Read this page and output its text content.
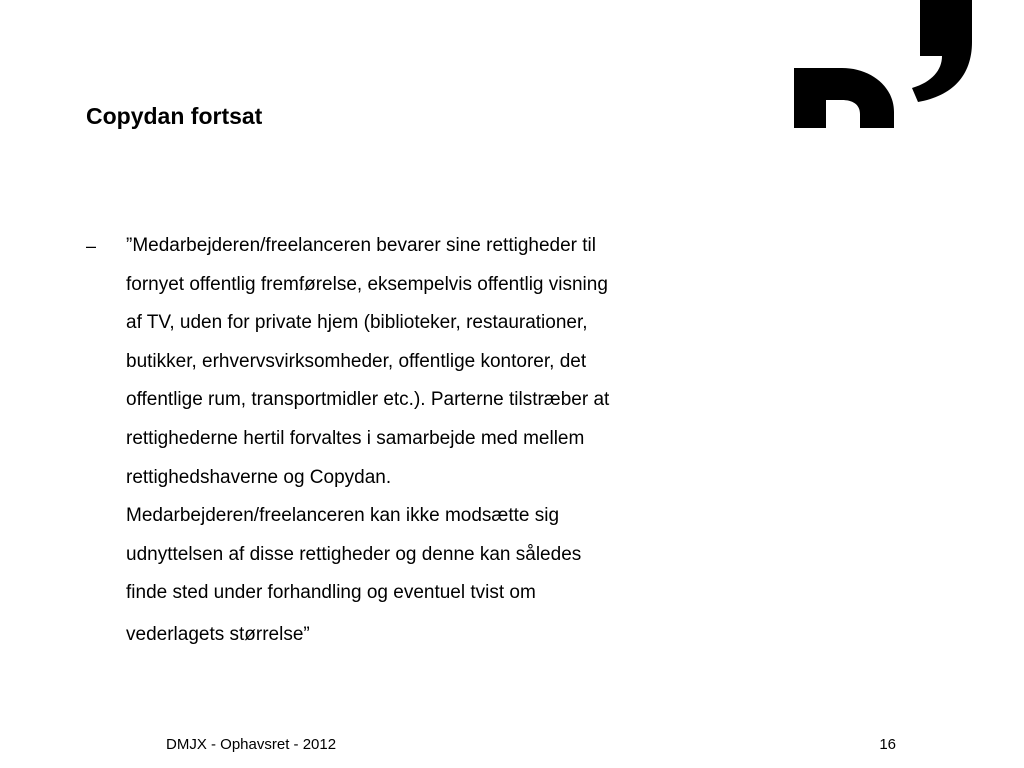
Copydan fortsat
– ”Medarbejderen/freelanceren bevarer sine rettigheder til
fornyet offentlig fremførelse, eksempelvis offentlig visning
af TV, uden for private hjem (biblioteker, restaurationer,
butikker, erhvervsvirksomheder, offentlige kontorer, det
offentlige rum, transportmidler etc.). Parterne tilstræber at
rettighederne hertil forvaltes i samarbejde med mellem
rettighedshaverne og Copydan.
Medarbejderen/freelanceren kan ikke modsætte sig
udnyttelsen af disse rettigheder og denne kan således
finde sted under forhandling og eventuel tvist om
vederlagets størrelse”
DMJX - Ophavsret - 2012	16
